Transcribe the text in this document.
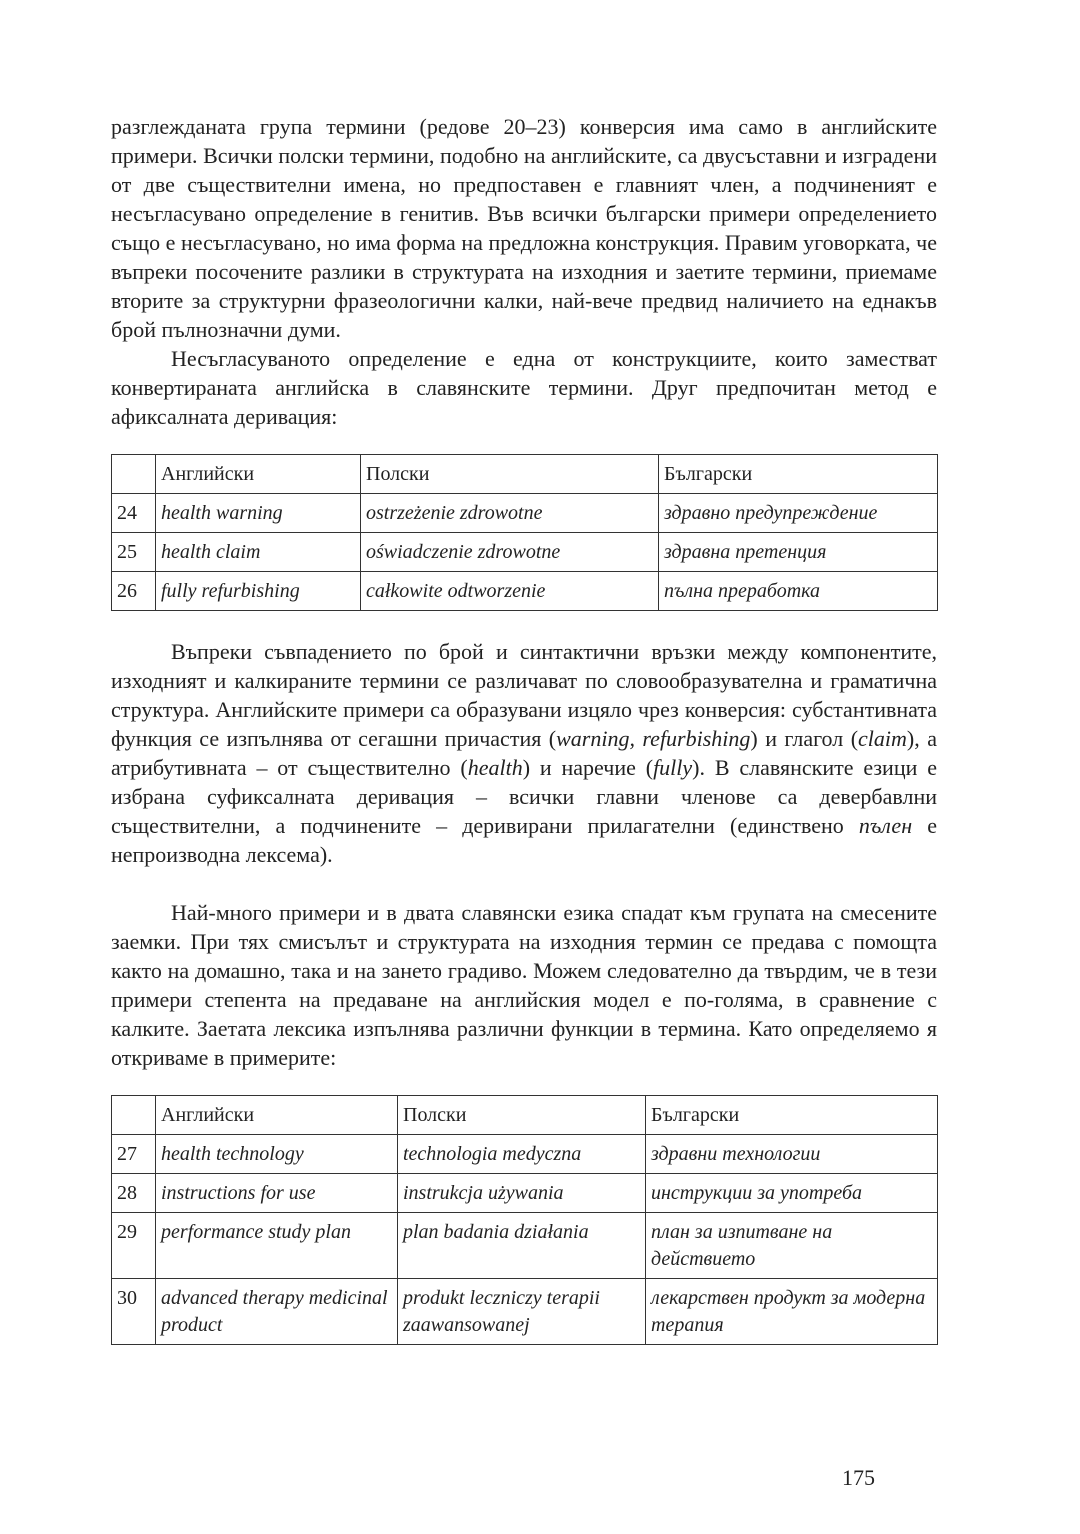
разглежданата група термини (редове 20–23) конверсия има само в английските примери. Всички полски термини, подобно на английските, са двусъставни и изградени от две съществителни имена, но предпоставен е главният член, а подчиненият е несъгласувано определение в генитив. Във всички български примери определението също е несъгласувано, но има форма на предложна конструкция. Правим уговорката, че въпреки посочените разлики в структурата на изходния и заетите термини, приемаме вторите за структурни фразеологични калки, най-вече предвид наличието на еднакъв брой пълнозначни думи.

Несъгласуваното определение е една от конструкциите, които заместват конвертираната английска в славянските термини. Друг предпочитан метод е афиксалната деривация:

	Английски	Полски	Български
24	health warning	ostrzeżenie zdrowotne	здравно предупреждение
25	health claim	oświadczenie zdrowotne	здравна претенция
26	fully refurbishing	całkowite odtworzenie	пълна преработка

Въпреки съвпадението по брой и синтактични връзки между компонентите, изходният и калкираните термини се различават по словообразувателна и граматична структура. Английските примери са образувани изцяло чрез конверсия: субстантивната функция се изпълнява от сегашни причастия (warning, refurbishing) и глагол (claim), а атрибутивната – от съществително (health) и наречие (fully). В славянските езици е избрана суфиксалната деривация – всички главни членове са девербавлни съществителни, а подчинените – деривирани прилагателни (единствено пълен е непроизводна лексема).

Най-много примери и в двата славянски езика спадат към групата на смесените заемки. При тях смисълът и структурата на изходния термин се предава с помощта както на домашно, така и на зането градиво. Можем следователно да твърдим, че в тези примери степента на предаване на английския модел е по-голяма, в сравнение с калките. Заетата лексика изпълнява различни функции в термина. Като определяемо я откриваме в примерите:

	Английски	Полски	Български
27	health technology	technologia medyczna	здравни технологии
28	instructions for use	instrukcja używania	инструкции за употреба
29	performance study plan	plan badania działania	план за изпитване на действието
30	advanced therapy medicinal product	produkt leczniczy terapii zaawansowanej	лекарствен продукт за модерна терапия
175
